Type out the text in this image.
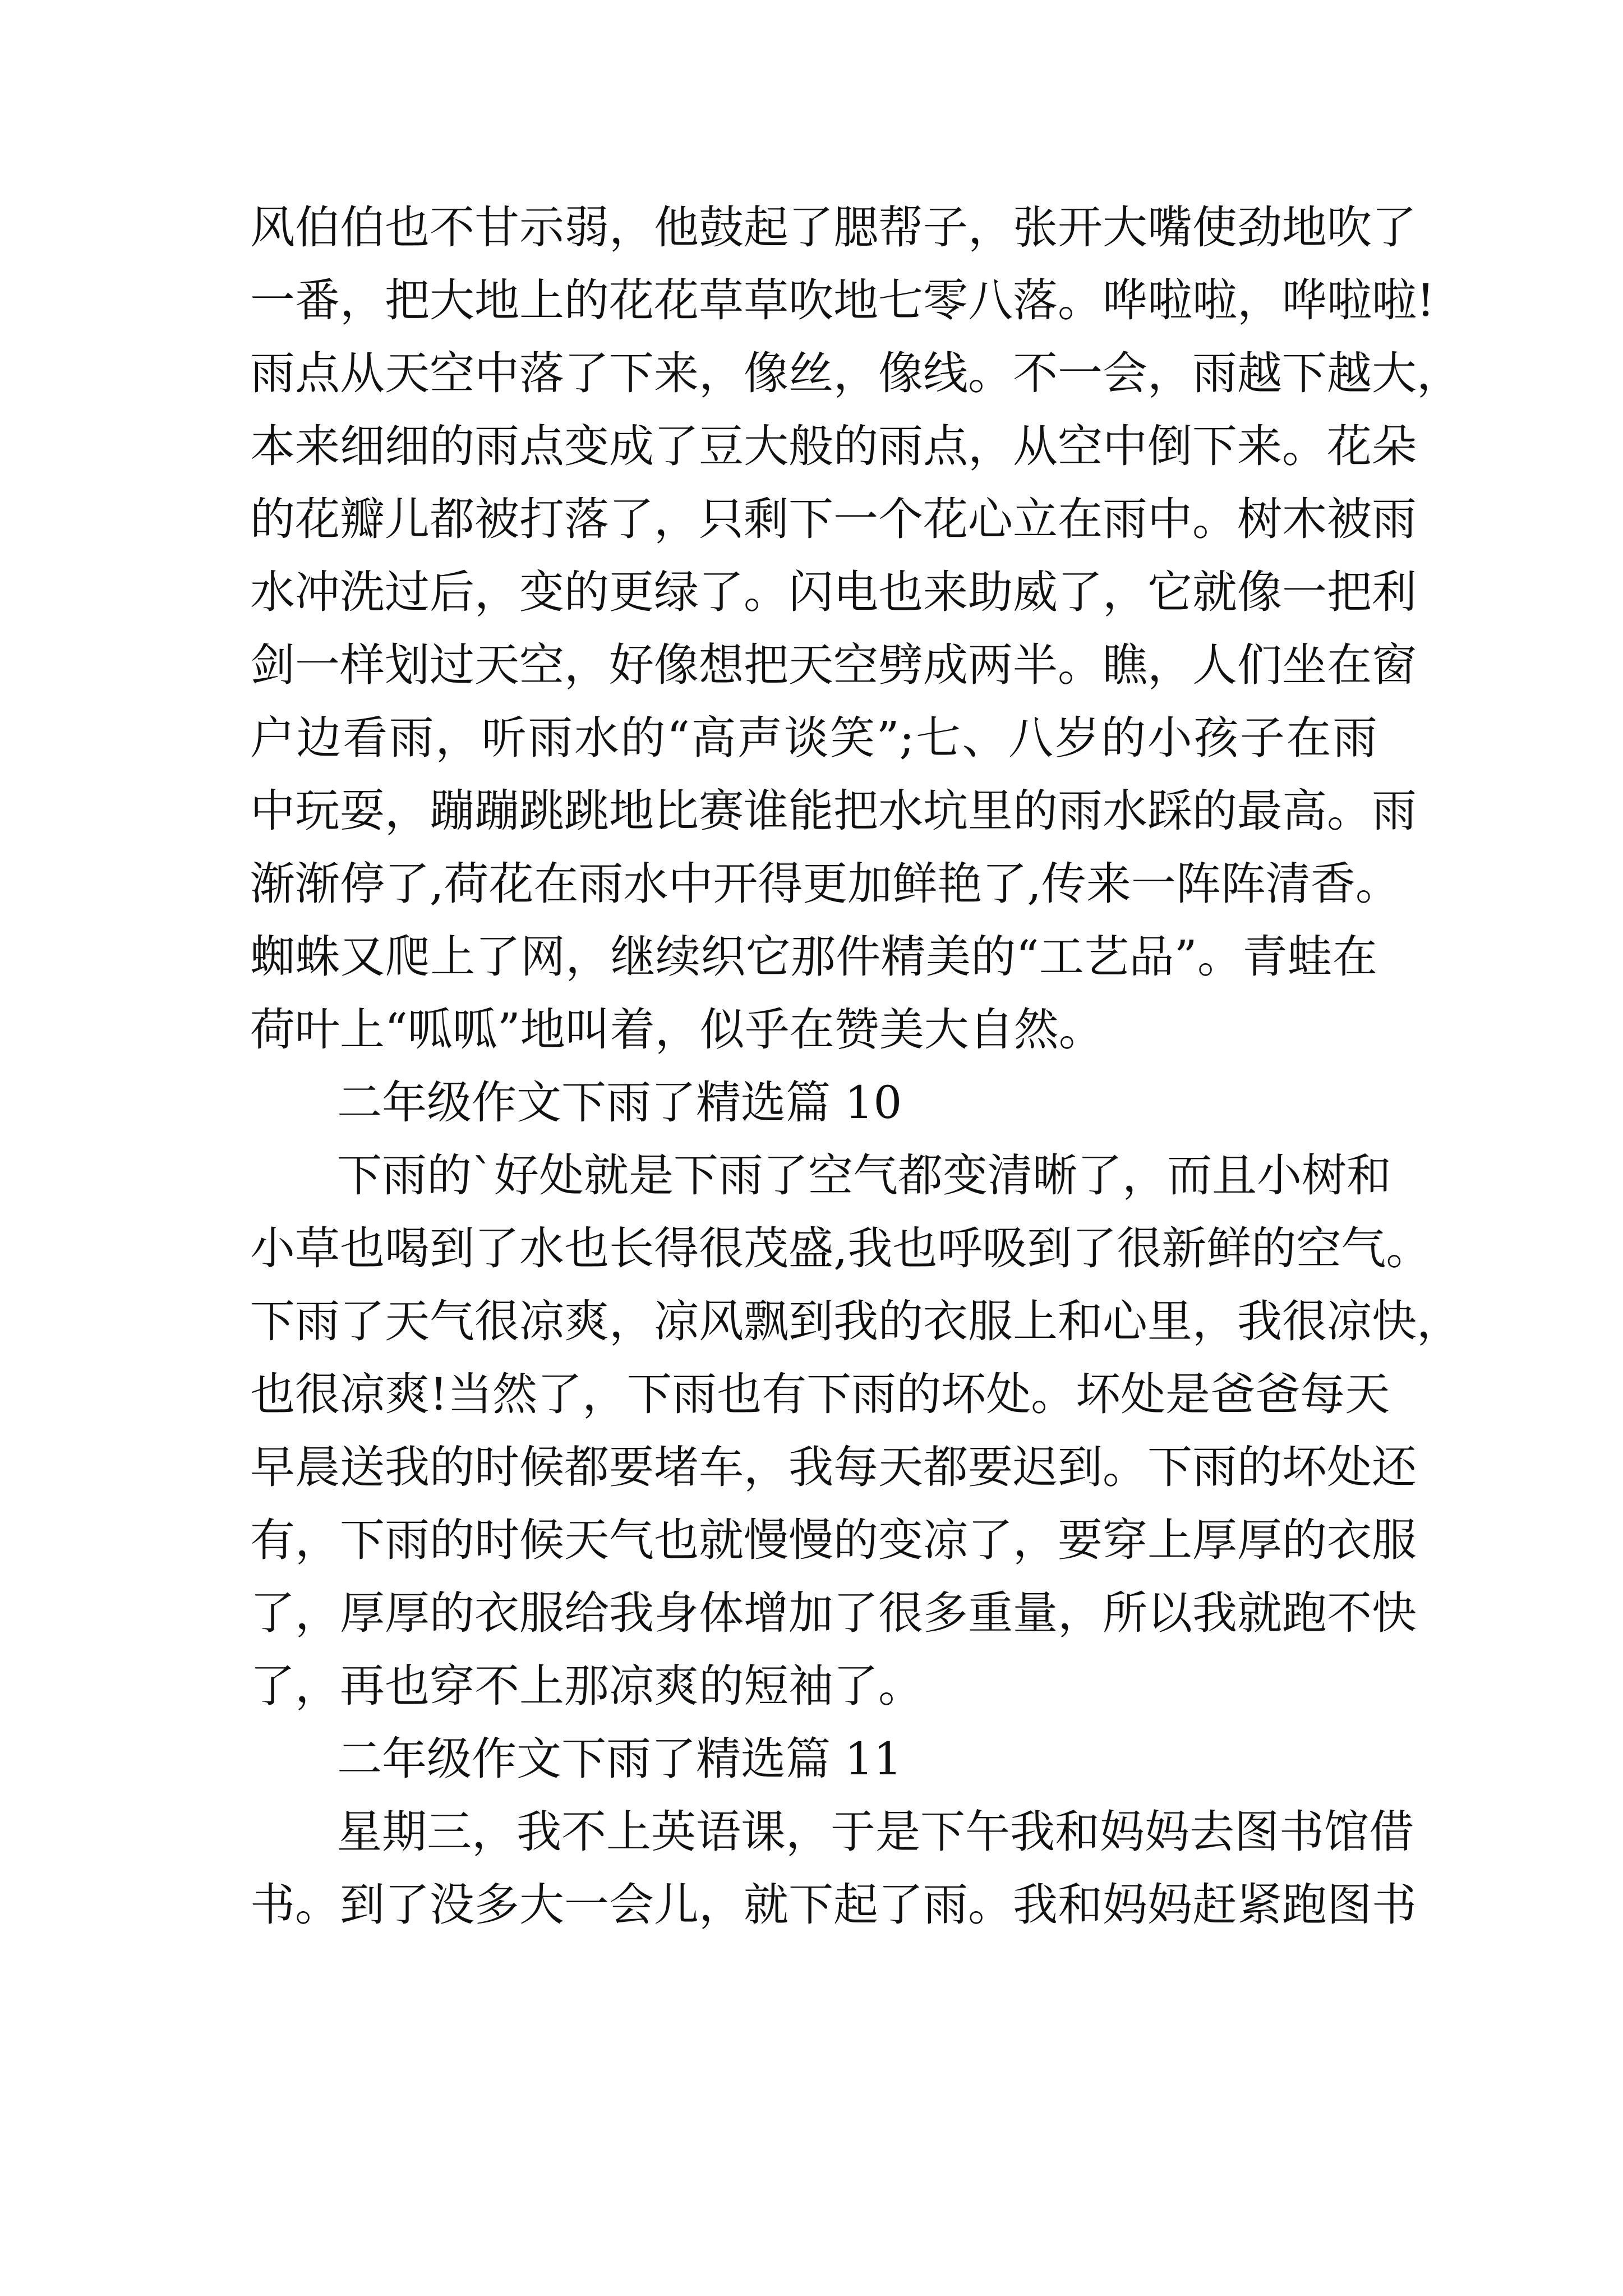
风伯伯也不甘示弱，他鼓起了腮帮子，张开大嘴使劲地吹了
一番，把大地上的花花草草吹地七零八落。哗啦啦，哗啦啦!
雨点从天空中落了下来，像丝，像线。不一会，雨越下越大，
本来细细的雨点变成了豆大般的雨点，从空中倒下来。花朵
的花瓣儿都被打落了，只剩下一个花心立在雨中。树木被雨
水冲洗过后，变的更绿了。闪电也来助威了，它就像一把利
剑一样划过天空，好像想把天空劈成两半。瞧，人们坐在窗
户边看雨，听雨水的“高声谈笑”;七、八岁的小孩子在雨
中玩耍，蹦蹦跳跳地比赛谁能把水坑里的雨水踩的最高。雨
渐渐停了,荷花在雨水中开得更加鲜艳了,传来一阵阵清香。
蜘蛛又爬上了网，继续织它那件精美的“工艺品”。青蛙在
荷叶上“呱呱”地叫着，似乎在赞美大自然。
二年级作文下雨了精选篇 10
下雨的`好处就是下雨了空气都变清晰了，而且小树和
小草也喝到了水也长得很茂盛,我也呼吸到了很新鲜的空气。
下雨了天气很凉爽，凉风飘到我的衣服上和心里，我很凉快，
也很凉爽!当然了，下雨也有下雨的坏处。坏处是爸爸每天
早晨送我的时候都要堵车，我每天都要迟到。下雨的坏处还
有，下雨的时候天气也就慢慢的变凉了，要穿上厚厚的衣服
了，厚厚的衣服给我身体增加了很多重量，所以我就跑不快
了，再也穿不上那凉爽的短袖了。
二年级作文下雨了精选篇 11
星期三，我不上英语课，于是下午我和妈妈去图书馆借
书。到了没多大一会儿，就下起了雨。我和妈妈赶紧跑图书
